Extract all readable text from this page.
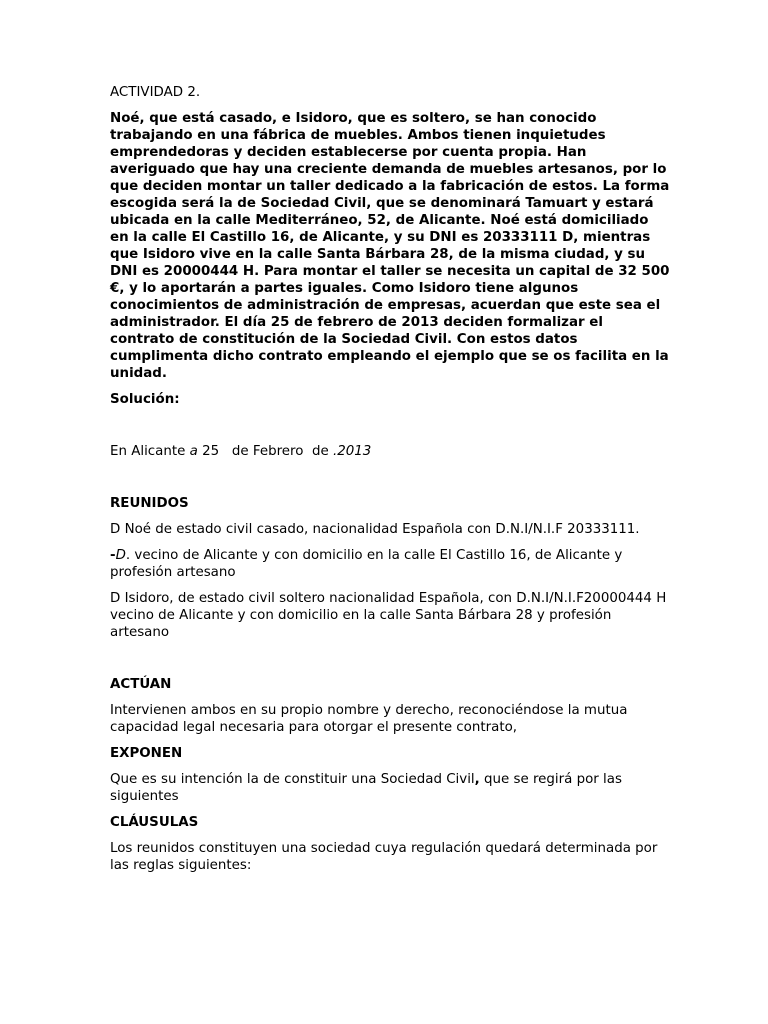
ACTIVIDAD 2.

Noé, que está casado, e Isidoro, que es soltero, se han conocido trabajando en una fábrica de muebles. Ambos tienen inquietudes emprendedoras y deciden establecerse por cuenta propia. Han averiguado que hay una creciente demanda de muebles artesanos, por lo que deciden montar un taller dedicado a la fabricación de estos. La forma escogida será la de Sociedad Civil, que se denominará Tamuart y estará ubicada en la calle Mediterráneo, 52, de Alicante. Noé está domiciliado en la calle El Castillo 16, de Alicante, y su DNI es 20333111 D, mientras que Isidoro vive en la calle Santa Bárbara 28, de la misma ciudad, y su DNI es 20000444 H. Para montar el taller se necesita un capital de 32 500 €, y lo aportarán a partes iguales. Como Isidoro tiene algunos conocimientos de administración de empresas, acuerdan que este sea el administrador. El día 25 de febrero de 2013 deciden formalizar el contrato de constitución de la Sociedad Civil. Con estos datos cumplimenta dicho contrato empleando el ejemplo que se os facilita en la unidad.

Solución:

En Alicante a 25   de Febrero  de .2013

REUNIDOS

D Noé de estado civil casado, nacionalidad Española con D.N.I/N.I.F 20333111.

-D. vecino de Alicante y con domicilio en la calle El Castillo 16, de Alicante y profesión artesano

D Isidoro, de estado civil soltero nacionalidad Española, con D.N.I/N.I.F20000444 H vecino de Alicante y con domicilio en la calle Santa Bárbara 28 y profesión artesano

ACTÚAN

Intervienen ambos en su propio nombre y derecho, reconociéndose la mutua capacidad legal necesaria para otorgar el presente contrato,

EXPONEN

Que es su intención la de constituir una Sociedad Civil, que se regirá por las siguientes

CLÁUSULAS

Los reunidos constituyen una sociedad cuya regulación quedará determinada por las reglas siguientes:
